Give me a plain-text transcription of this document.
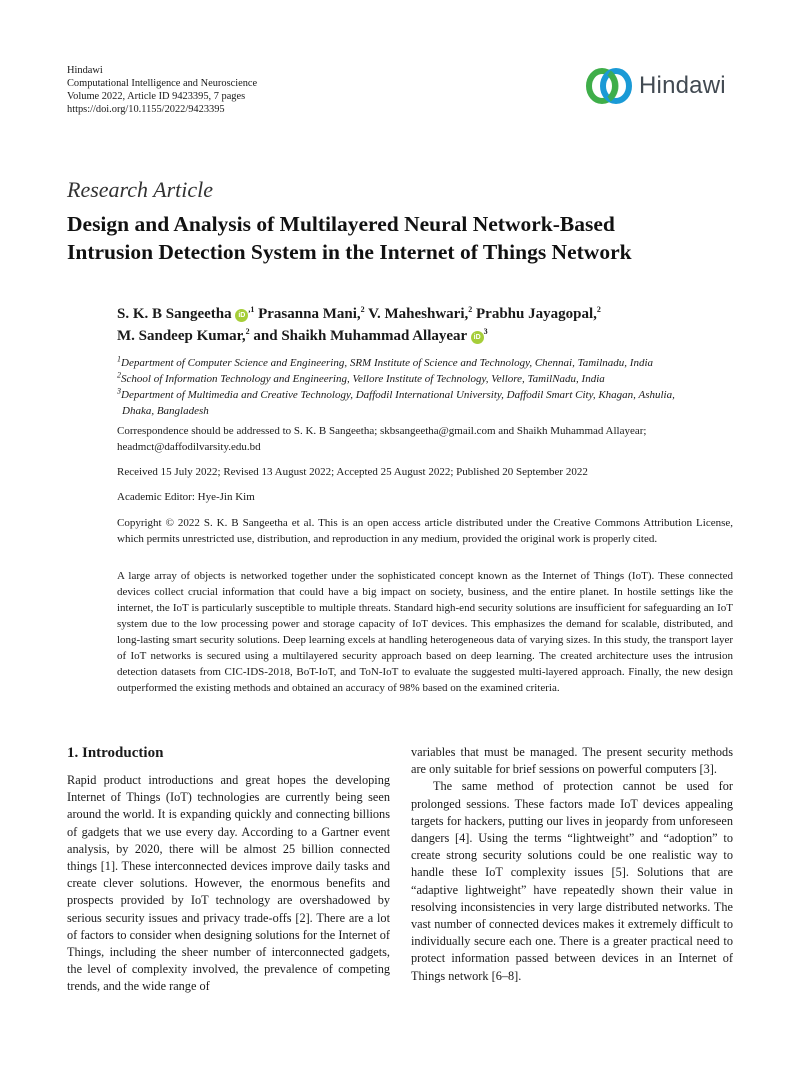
Hindawi
Computational Intelligence and Neuroscience
Volume 2022, Article ID 9423395, 7 pages
https://doi.org/10.1155/2022/9423395
Hindawi
Research Article
Design and Analysis of Multilayered Neural Network-Based
Intrusion Detection System in the Internet of Things Network
S. K. B Sangeetha $iD^{,1}$ Prasanna Mani,$^2$ V. Maheshwari,$^2$ Prabhu Jayagopal,$^2$
M. Sandeep Kumar,$^2$ and Shaikh Muhammad Allayear $iD^3$
$^1$Department of Computer Science and Engineering, SRM Institute of Science and Technology, Chennai, Tamilnadu, India
$^2$School of Information Technology and Engineering, Vellore Institute of Technology, Vellore, TamilNadu, India
$^3$Department of Multimedia and Creative Technology, Daffodil International University, Daffodil Smart City, Khagan, Ashulia,
Dhaka, Bangladesh
Correspondence should be addressed to S. K. B Sangeetha; skbsangeetha@gmail.com and Shaikh Muhammad Allayear; headmct@daffodilvarsity.edu.bd
Received 15 July 2022; Revised 13 August 2022; Accepted 25 August 2022; Published 20 September 2022
Academic Editor: Hye-Jin Kim
Copyright © 2022 S. K. B Sangeetha et al. This is an open access article distributed under the Creative Commons Attribution License, which permits unrestricted use, distribution, and reproduction in any medium, provided the original work is properly cited.
A large array of objects is networked together under the sophisticated concept known as the Internet of Things (IoT). These connected devices collect crucial information that could have a big impact on society, business, and the entire planet. In hostile settings like the internet, the IoT is particularly susceptible to multiple threats. Standard high-end security solutions are insufficient for safeguarding an IoT system due to the low processing power and storage capacity of IoT devices. This emphasizes the demand for scalable, distributed, and long-lasting smart security solutions. Deep learning excels at handling heterogeneous data of varying sizes. In this study, the transport layer of IoT networks is secured using a multilayered security approach based on deep learning. The created architecture uses the intrusion detection datasets from CIC-IDS-2018, BoT-IoT, and ToN-IoT to evaluate the suggested multi-layered approach. Finally, the new design outperformed the existing methods and obtained an accuracy of 98% based on the examined criteria.
1. Introduction
Rapid product introductions and great hopes the developing Internet of Things (IoT) technologies are currently being seen around the world. It is expanding quickly and connecting billions of gadgets that we use every day. According to a Gartner event analysis, by 2020, there will be almost 25 billion connected things [1]. These interconnected devices improve daily tasks and create clever solutions. However, the enormous benefits and prospects provided by IoT technology are overshadowed by serious security issues and privacy trade-offs [2]. There are a lot of factors to consider when designing solutions for the Internet of Things, including the sheer number of interconnected gadgets, the level of complexity involved, the prevalence of competing trends, and the wide range of

variables that must be managed. The present security methods are only suitable for brief sessions on powerful computers [3].

The same method of protection cannot be used for prolonged sessions. These factors made IoT devices appealing targets for hackers, putting our lives in jeopardy from unforeseen dangers [4]. Using the terms “lightweight” and “adoption” to create strong security solutions could be one realistic way to handle these IoT complexity issues [5]. Solutions that are “adaptive lightweight” have repeatedly shown their value in resolving inconsistencies in very large distributed networks. The vast number of connected devices makes it extremely difficult to individually secure each one. There is a greater practical need to protect information passed between devices in an Internet of Things network [6–8].
